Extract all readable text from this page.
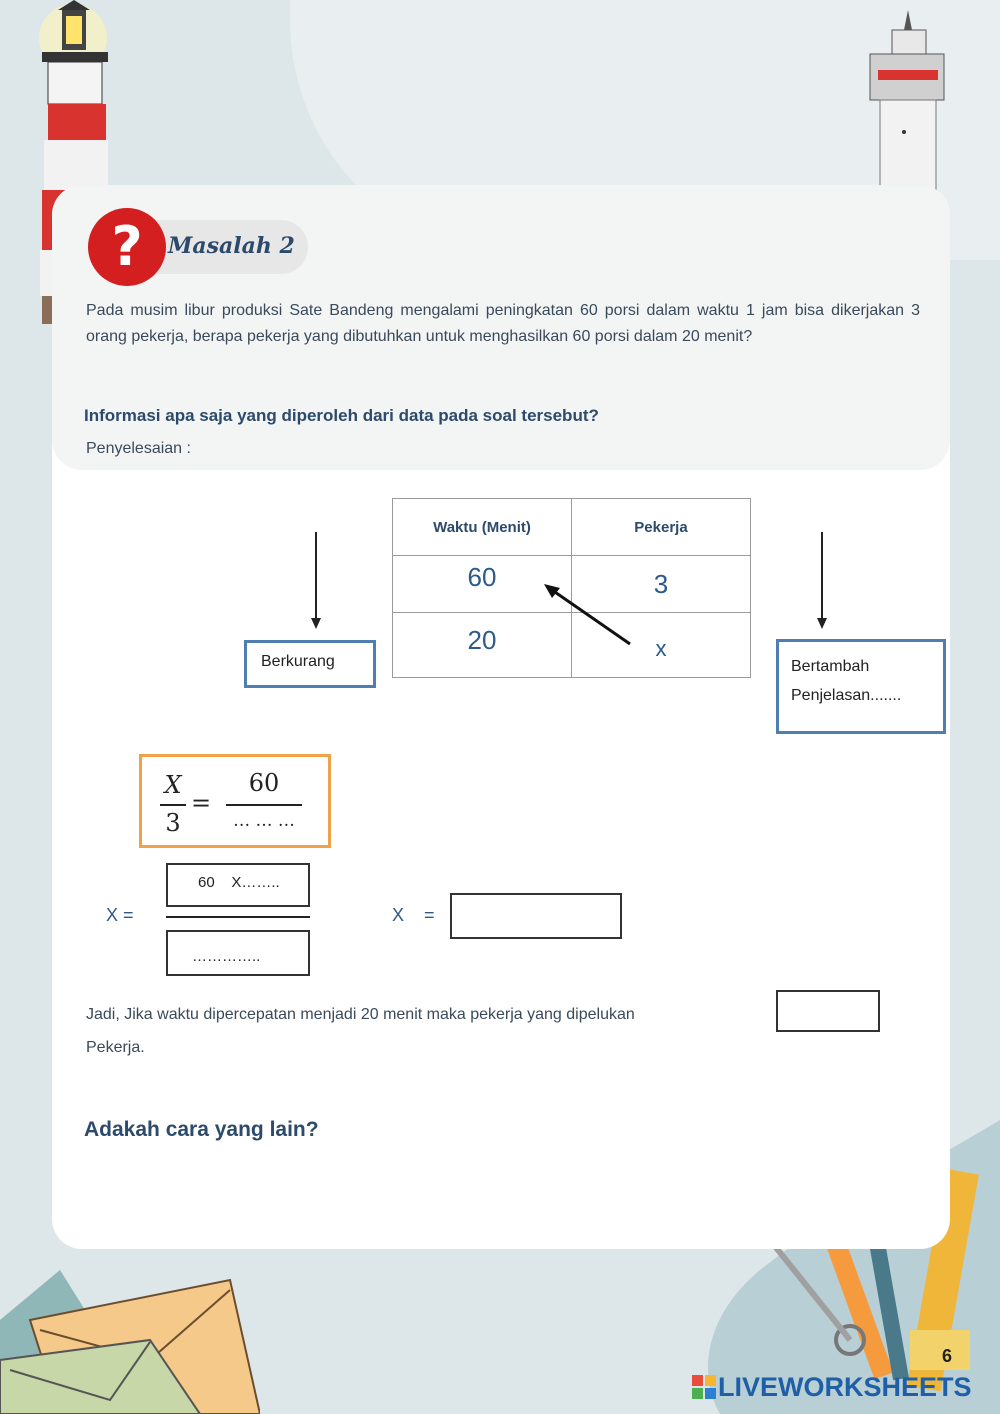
?	Masalah 2

Pada musim libur produksi Sate Bandeng mengalami peningkatan 60 porsi dalam waktu 1 jam bisa dikerjakan 3 orang pekerja, berapa pekerja yang dibutuhkan untuk menghasilkan 60 porsi dalam 20 menit?

Informasi apa saja yang diperoleh dari data pada soal tersebut?
Penyelesaian :
Waktu (Menit)	Pekerja
60	3
20	x
Berkurang	Bertambah
Penjelasan.......
X
3
=
60
… … …
X =
60    X……..
…………..
X    =
Jadi, Jika waktu dipercepatan menjadi 20 menit maka pekerja yang dipelukan
Pekerja.
Adakah cara yang lain?
6
LIVEWORKSHEETS
